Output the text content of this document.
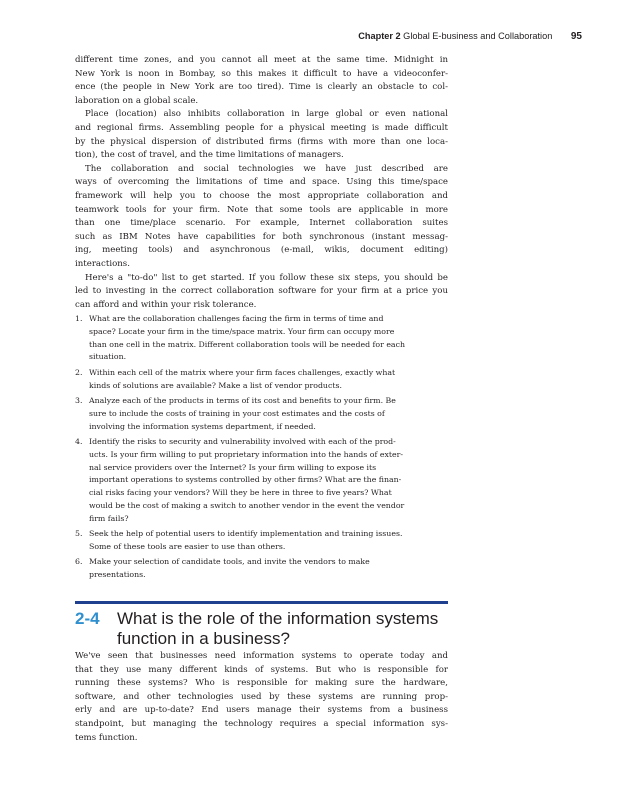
Chapter 2 Global E-business and Collaboration 95
different time zones, and you cannot all meet at the same time. Midnight in
New York is noon in Bombay, so this makes it difficult to have a videoconfer-
ence (the people in New York are too tired). Time is clearly an obstacle to col-
laboration on a global scale.
Place (location) also inhibits collaboration in large global or even national
and regional firms. Assembling people for a physical meeting is made difficult
by the physical dispersion of distributed firms (firms with more than one loca-
tion), the cost of travel, and the time limitations of managers.
The collaboration and social technologies we have just described are
ways of overcoming the limitations of time and space. Using this time/space
framework will help you to choose the most appropriate collaboration and
teamwork tools for your firm. Note that some tools are applicable in more
than one time/place scenario. For example, Internet collaboration suites
such as IBM Notes have capabilities for both synchronous (instant messag-
ing, meeting tools) and asynchronous (e-mail, wikis, document editing)
interactions.
Here's a "to-do" list to get started. If you follow these six steps, you should be
led to investing in the correct collaboration software for your firm at a price you
can afford and within your risk tolerance.
1. What are the collaboration challenges facing the firm in terms of time and
space? Locate your firm in the time/space matrix. Your firm can occupy more
than one cell in the matrix. Different collaboration tools will be needed for each
situation.
2. Within each cell of the matrix where your firm faces challenges, exactly what
kinds of solutions are available? Make a list of vendor products.
3. Analyze each of the products in terms of its cost and benefits to your firm. Be
sure to include the costs of training in your cost estimates and the costs of
involving the information systems department, if needed.
4. Identify the risks to security and vulnerability involved with each of the prod-
ucts. Is your firm willing to put proprietary information into the hands of exter-
nal service providers over the Internet? Is your firm willing to expose its
important operations to systems controlled by other firms? What are the finan-
cial risks facing your vendors? Will they be here in three to five years? What
would be the cost of making a switch to another vendor in the event the vendor
firm fails?
5. Seek the help of potential users to identify implementation and training issues.
Some of these tools are easier to use than others.
6. Make your selection of candidate tools, and invite the vendors to make
presentations.
2-4 What is the role of the information systems
function in a business?
We've seen that businesses need information systems to operate today and
that they use many different kinds of systems. But who is responsible for
running these systems? Who is responsible for making sure the hardware,
software, and other technologies used by these systems are running prop-
erly and are up-to-date? End users manage their systems from a business
standpoint, but managing the technology requires a special information sys-
tems function.
